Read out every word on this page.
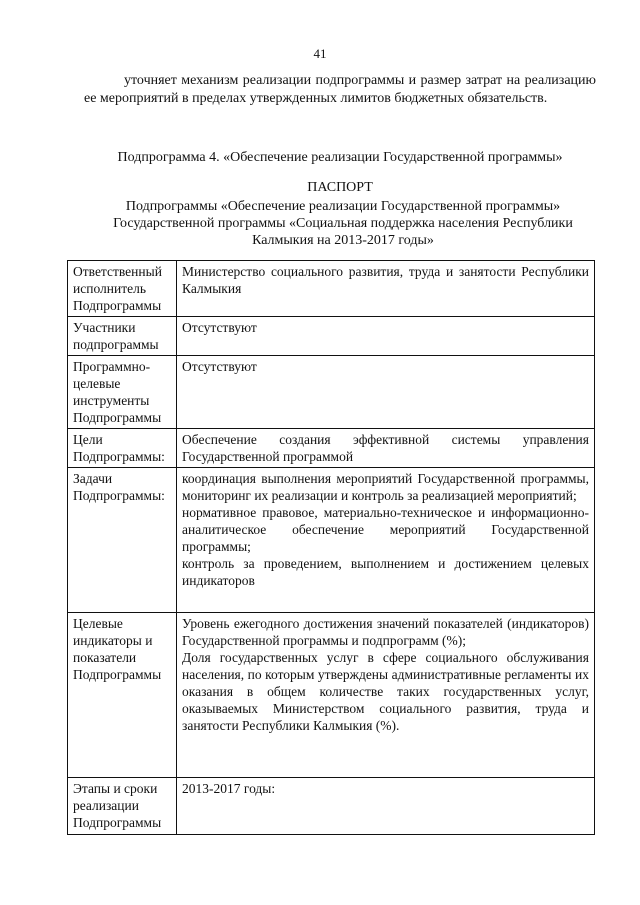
41

уточняет механизм реализации подпрограммы и размер затрат на реализацию ее мероприятий в пределах утвержденных лимитов бюджетных обязательств.

Подпрограмма 4. «Обеспечение реализации Государственной программы»
ПАСПОРТ
Подпрограммы «Обеспечение реализации Государственной программы»
Государственной программы «Социальная поддержка населения Республики
Калмыкия на 2013-2017 годы»
Ответственный исполнитель Подпрограммы	Министерство социального развития, труда и занятости Республики Калмыкия
Участники подпрограммы	Отсутствуют
Программно-целевые инструменты Подпрограммы	Отсутствуют
Цели Подпрограммы:	Обеспечение создания эффективной системы управления Государственной программой
Задачи Подпрограммы:	координация выполнения мероприятий Государственной программы, мониторинг их реализации и контроль за реализацией мероприятий;
нормативное правовое, материально-техническое и информационно-аналитическое обеспечение мероприятий Государственной программы;
контроль за проведением, выполнением и достижением целевых индикаторов
Целевые индикаторы и показатели Подпрограммы	Уровень ежегодного достижения значений показателей (индикаторов) Государственной программы и подпрограмм (%);
Доля государственных услуг в сфере социального обслуживания населения, по которым утверждены административные регламенты их оказания в общем количестве таких государственных услуг, оказываемых Министерством социального развития, труда и занятости Республики Калмыкия (%).
Этапы и сроки реализации Подпрограммы	2013-2017 годы:
